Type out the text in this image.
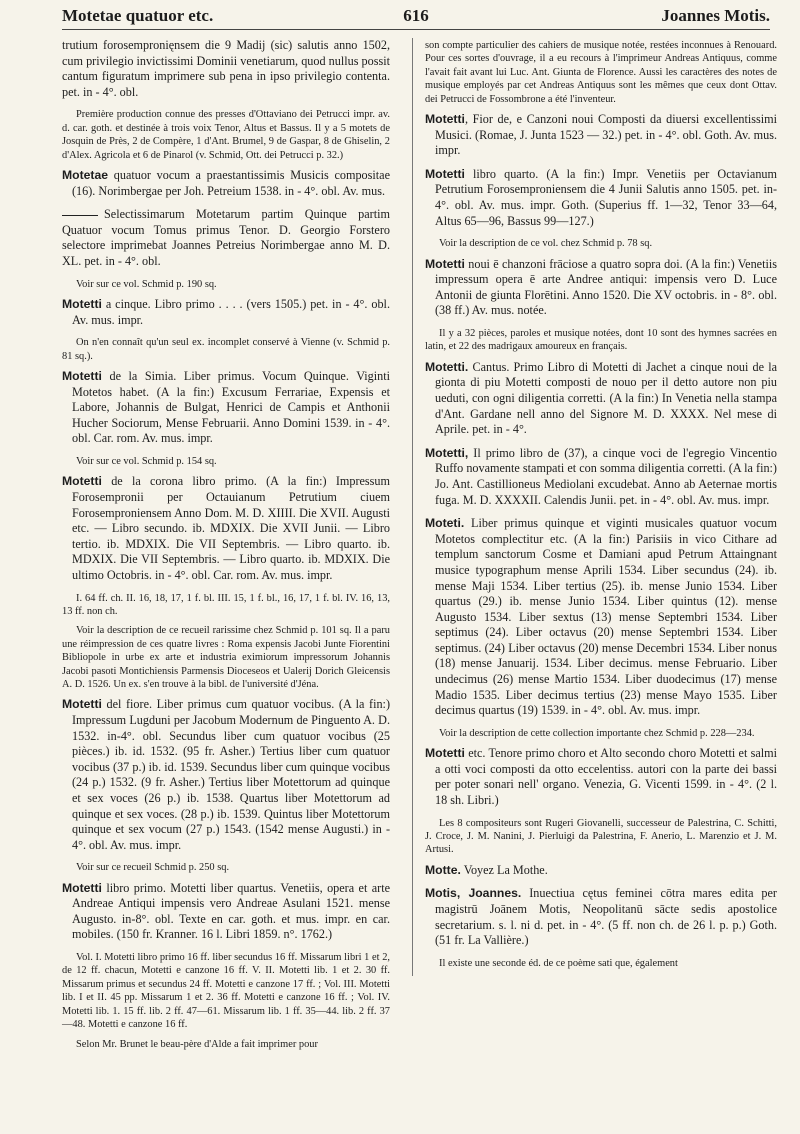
Motetae quatuor etc.	616	Joannes Motis.
trutium forosempronięnsem die 9 Madij (sic) salutis anno 1502, cum privilegio invictissimi Dominii venetiarum, quod nullus possit cantum figuratum imprimere sub pena in ipso privilegio contenta. pet. in - 4°. obl.
Première production connue des presses d'Ottaviano dei Petrucci impr. av. d. car. goth. et destinée à trois voix Tenor, Altus et Bassus. Il y a 5 motets de Josquin de Près, 2 de Compère, 1 d'Ant. Brumel, 9 de Gaspar, 8 de Ghiselin, 2 d'Alex. Agricola et 6 de Pinarol (v. Schmid, Ott. dei Petrucci p. 32.)
Motetae quatuor vocum a praestantissimis Musicis compositae (16). Norimbergae per Joh. Petreium 1538. in - 4°. obl. Av. mus.
Selectissimarum Motetarum partim Quinque partim Quatuor vocum Tomus primus Tenor. D. Georgio Forstero selectore imprimebat Joannes Petreius Norimbergae anno M. D. XL. pet. in - 4°. obl.
Voir sur ce vol. Schmid p. 190 sq.
Motetti a cinque. Libro primo . . . . (vers 1505.) pet. in - 4°. obl. Av. mus. impr.
On n'en connaît qu'un seul ex. incomplet conservé à Vienne (v. Schmid p. 81 sq.).
Motetti de la Simia. Liber primus. Vocum Quinque. Viginti Motetos habet. (A la fin:) Excusum Ferrariae, Expensis et Labore, Johannis de Bulgat, Henrici de Campis et Anthonii Hucher Sociorum, Mense Februarii. Anno Domini 1539. in - 4°. obl. Car. rom. Av. mus. impr.
Voir sur ce vol. Schmid p. 154 sq.
Motetti de la corona libro primo. (A la fin:) Impressum Forosempronii per Octauianum Petrutium ciuem Forosemproniensem Anno Dom. M. D. XIIII. Die XVII. Augusti etc. — Libro secundo. ib. MDXIX. Die XVII Junii. — Libro tertio. ib. MDXIX. Die VII Septembris. — Libro quarto. ib. MDXIX. Die VII Septembris. — Libro quarto. ib. MDXIX. Die ultimo Octobris. in - 4°. obl. Car. rom. Av. mus. impr.
I. 64 ff. ch. II. 16, 18, 17, 1 f. bl. III. 15, 1 f. bl., 16, 17, 1 f. bl. IV. 16, 13, 13 ff. non ch.
Voir la description de ce recueil rarissime chez Schmid p. 101 sq. Il a paru une réimpression de ces quatre livres : Roma expensis Jacobi Junte Fiorentini Bibliopole in urbe ex arte et industria eximiorum impressorum Johannis Jacobi pasoti Montichiensis Parmensis Dioceseos et Ualerij Dorich Gleicensis A. D. 1526. Un ex. s'en trouve à la bibl. de l'université d'Jéna.
Motetti del fiore. Liber primus cum quatuor vocibus. (A la fin:) Impressum Lugduni per Jacobum Modernum de Pinguento A. D. 1532. in-4°. obl. Secundus liber cum quatuor vocibus (25 pièces.) ib. id. 1532. (95 fr. Asher.) Tertius liber cum quatuor vocibus (37 p.) ib. id. 1539. Secundus liber cum quinque vocibus (24 p.) 1532. (9 fr. Asher.) Tertius liber Motettorum ad quinque et sex voces (26 p.) ib. 1538. Quartus liber Motettorum ad quinque et sex voces. (28 p.) ib. 1539. Quintus liber Motettorum quinque et sex vocum (27 p.) 1543. (1542 mense Augusti.) in - 4°. obl. Av. mus. impr.
Voir sur ce recueil Schmid p. 250 sq.
Motetti libro primo. Motetti liber quartus. Venetiis, opera et arte Andreae Antiqui impensis vero Andreae Asulani 1521. mense Augusto. in-8°. obl. Texte en car. goth. et mus. impr. en car. mobiles. (150 fr. Kranner. 16 l. Libri 1859. n°. 1762.)
Vol. I. Motetti libro primo 16 ff. liber secundus 16 ff. Missarum libri 1 et 2, de 12 ff. chacun, Motetti e canzone 16 ff. V. II. Motetti lib. 1 et 2. 30 ff. Missarum primus et secundus 24 ff. Motetti e canzone 17 ff. ; Vol. III. Motetti lib. I et II. 45 pp. Missarum 1 et 2. 36 ff. Motetti e canzone 16 ff. ; Vol. IV. Motetti lib. 1. 15 ff. lib. 2 ff. 47—61. Missarum lib. 1 ff. 35—44. lib. 2 ff. 37—48. Motetti e canzone 16 ff.
Selon Mr. Brunet le beau-père d'Alde a fait imprimer pour
son compte particulier des cahiers de musique notée, restées inconnues à Renouard. Pour ces sortes d'ouvrage, il a eu recours à l'imprimeur Andreas Antiquus, comme l'avait fait avant lui Luc. Ant. Giunta de Florence. Aussi les caractères des notes de musique employés par cet Andreas Antiquus sont les mêmes que ceux dont Ottav. dei Petrucci de Fossombrone a été l'inventeur.
Motetti, Fior de, e Canzoni noui Composti da diuersi excellentissimi Musici. (Romae, J. Junta 1523 — 32.) pet. in - 4°. obl. Goth. Av. mus. impr.
Motetti libro quarto. (A la fin:) Impr. Venetiis per Octavianum Petrutium Forosemproniensem die 4 Junii Salutis anno 1505. pet. in-4°. obl. Av. mus. impr. Goth. (Superius ff. 1—32, Tenor 33—64, Altus 65—96, Bassus 99—127.)
Voir la description de ce vol. chez Schmid p. 78 sq.
Motetti noui ē chanzoni frāciose a quatro sopra doi. (A la fin:) Venetiis impressum opera ē arte Andree antiqui: impensis vero D. Luce Antonii de giunta Florētini. Anno 1520. Die XV octobris. in - 8°. obl. (38 ff.) Av. mus. notée.
Il y a 32 pièces, paroles et musique notées, dont 10 sont des hymnes sacrées en latin, et 22 des madrigaux amoureux en français.
Motetti. Cantus. Primo Libro di Motetti di Jachet a cinque noui de la gionta di piu Motetti composti de nouo per il detto autore non piu ueduti, con ogni diligentia corretti. (A la fin:) In Venetia nella stampa d'Ant. Gardane nell anno del Signore M. D. XXXX. Nel mese di Aprile. pet. in - 4°.
Motetti, Il primo libro de (37), a cinque voci de l'egregio Vincentio Ruffo novamente stampati et con somma diligentia corretti. (A la fin:) Jo. Ant. Castillioneus Mediolani excudebat. Anno ab Aeternae mortis fuga. M. D. XXXXII. Calendis Junii. pet. in - 4°. obl. Av. mus. impr.
Moteti. Liber primus quinque et viginti musicales quatuor vocum Motetos complectitur etc. (A la fin:) Parisiis in vico Cithare ad templum sanctorum Cosme et Damiani apud Petrum Attaingnant musice typographum mense Aprili 1534. Liber secundus (24). ib. mense Maji 1534. Liber tertius (25). ib. mense Junio 1534. Liber quartus (29.) ib. mense Junio 1534. Liber quintus (12). mense Augusto 1534. Liber sextus (13) mense Septembri 1534. Liber septimus (24). Liber octavus (20) mense Septembri 1534. Liber septimus. (24) Liber octavus (20) mense Decembri 1534. Liber nonus (18) mense Januarij. 1534. Liber decimus. mense Februario. Liber undecimus (26) mense Martio 1534. Liber duodecimus (17) mense Madio 1535. Liber decimus tertius (23) mense Mayo 1535. Liber decimus quartus (19) 1539. in - 4°. obl. Av. mus. impr.
Voir la description de cette collection importante chez Schmid p. 228—234.
Motetti etc. Tenore primo choro et Alto secondo choro Motetti et salmi a otti voci composti da otto eccelentiss. autori con la parte dei bassi per poter sonari nell' organo. Venezia, G. Vicenti 1599. in - 4°. (2 l. 18 sh. Libri.)
Les 8 compositeurs sont Rugeri Giovanelli, successeur de Palestrina, C. Schitti, J. Croce, J. M. Nanini, J. Pierluigi da Palestrina, F. Anerio, L. Marenzio et J. M. Artusi.
Motte. Voyez La Mothe.
Motis, Joannes. Inuectiua cętus feminei cōtra mares edita per magistrū Joānem Motis, Neopolitanū sācte sedis apostolice secretarium. s. l. ni d. pet. in - 4°. (5 ff. non ch. de 26 l. p. p.) Goth. (51 fr. La Vallière.)
Il existe une seconde éd. de ce poème sati que, également
